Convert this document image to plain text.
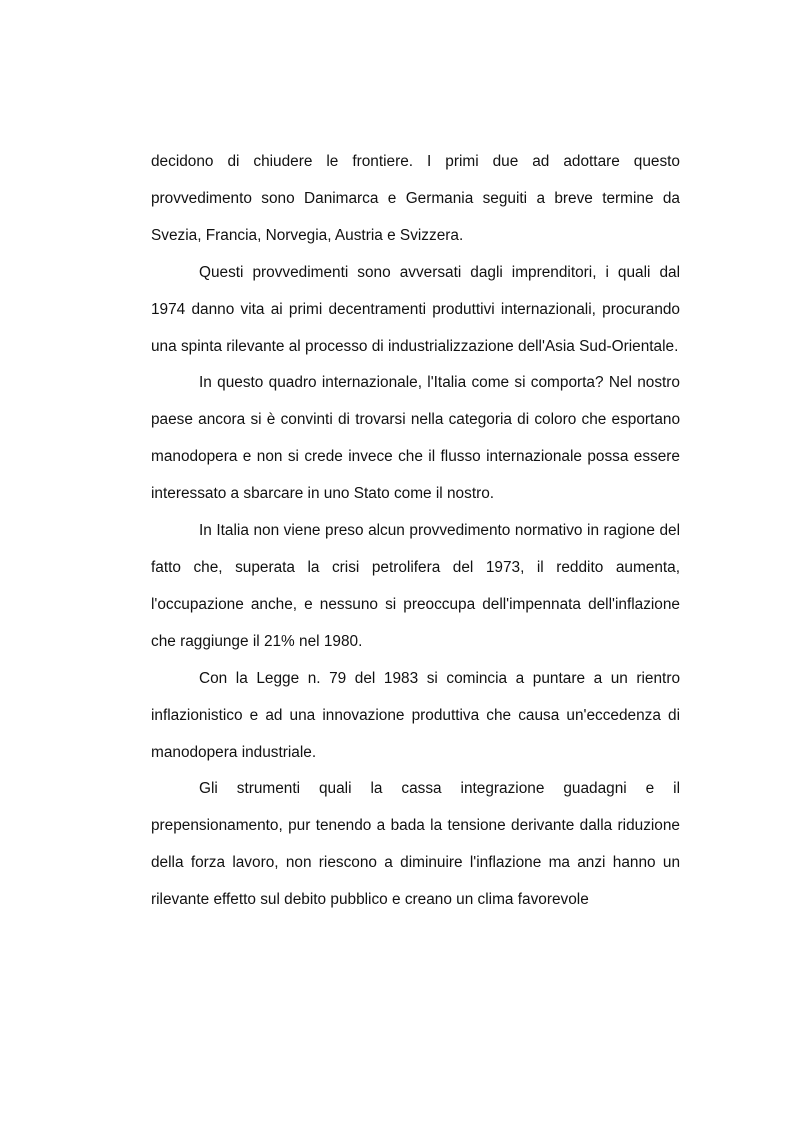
decidono di chiudere le frontiere. I primi due ad adottare questo provvedimento sono Danimarca e Germania seguiti a breve termine da Svezia, Francia, Norvegia, Austria e Svizzera.

Questi provvedimenti sono avversati dagli imprenditori, i quali dal 1974 danno vita ai primi decentramenti produttivi internazionali, procurando una spinta rilevante al processo di industrializzazione dell'Asia Sud-Orientale.

In questo quadro internazionale, l'Italia come si comporta? Nel nostro paese ancora si è convinti di trovarsi nella categoria di coloro che esportano manodopera e non si crede invece che il flusso internazionale possa essere interessato a sbarcare in uno Stato come il nostro.

In Italia non viene preso alcun provvedimento normativo in ragione del fatto che, superata la crisi petrolifera del 1973, il reddito aumenta, l'occupazione anche, e nessuno si preoccupa dell'impennata dell'inflazione che raggiunge il 21% nel 1980.

Con la Legge n. 79 del 1983 si comincia a puntare a un rientro inflazionistico e ad una innovazione produttiva che causa un'eccedenza di manodopera industriale.

Gli strumenti quali la cassa integrazione guadagni e il prepensionamento, pur tenendo a bada la tensione derivante dalla riduzione della forza lavoro, non riescono a diminuire l'inflazione ma anzi hanno un rilevante effetto sul debito pubblico e creano un clima favorevole
